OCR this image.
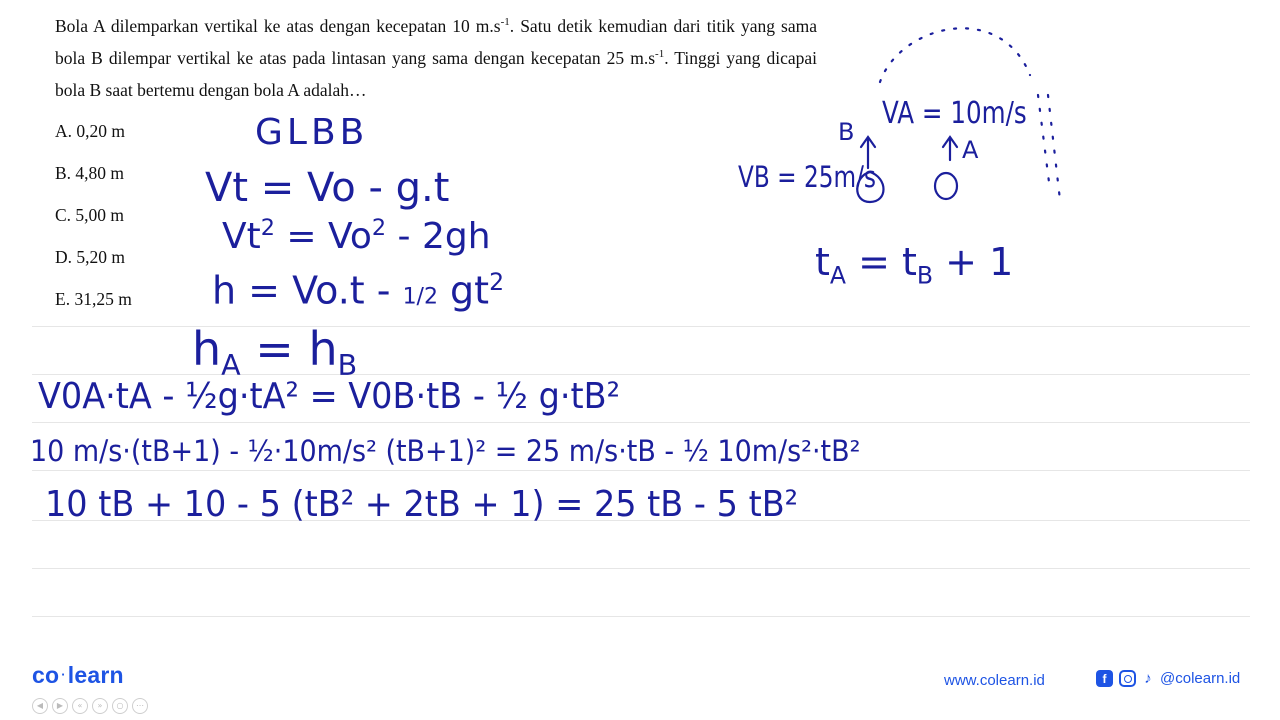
Bola A dilemparkan vertikal ke atas dengan kecepatan 10 $m.s^{-1}$. Satu detik kemudian dari titik yang sama bola B dilempar vertikal ke atas pada lintasan yang sama dengan kecepatan 25 $m.s^{-1}$. Tinggi yang dicapai bola B saat bertemu dengan bola A adalah…

A. 0,20 m
B. 4,80 m
C. 5,00 m
D. 5,20 m
E. 31,25 m
GLBB
Vt = Vo - g.t
$Vt^2 = Vo^2 - 2gh$
h = Vo.t - 1/2 $gt^2$	$t_A = t_B + 1$
$h_A = h_B$
V0A·tA - ½g·tA² = V0B·tB - ½ g·tB²
10 m/s·(tB+1) - ½·10m/s² (tB+1)² = 25 m/s·tB - ½ 10m/s²·tB²
10 tB + 10 - 5 (tB² + 2tB + 1) = 25 tB - 5 tB²
B
VA = 10m/s
VB = 25m/s
A
co ·learn
◀ ▶ « » ○ ⋯
www.colearn.id	f	♪ @colearn.id
